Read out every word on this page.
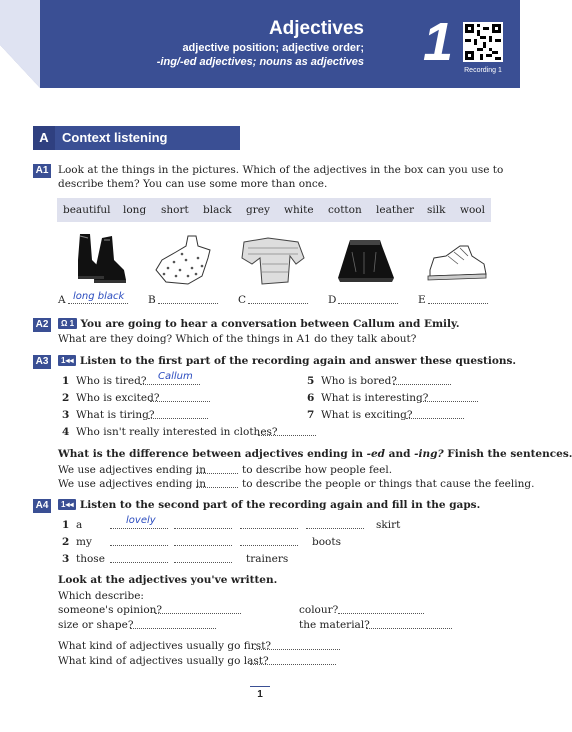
Adjectives
adjective position; adjective order;
-ing/-ed adjectives; nouns as adjectives 1	Recording 1
A	Context listening
A1 Look at the things in the pictures. Which of the adjectives in the box can you use to
describe them? You can use some more than once.
beautiful long short black grey white cotton leather silk wool
A long black B	C	D	E
A2	Ω 1 You are going to hear a conversation between Callum and Emily.
What are they doing? Which of the things in A1 do they talk about?
A3	1◂◂ Listen to the first part of the recording again and answer these questions.
1 Who is tired? Callum
2 Who is excited?
3 What is tiring?
4 Who isn't really interested in clothes?
5 Who is bored?
6 What is interesting?
7 What is exciting?
What is the difference between adjectives ending in -ed and -ing? Finish the sentences.
We use adjectives ending in	to describe how people feel.
We use adjectives ending in	to describe the people or things that cause the feeling.
A4	1◂◂ Listen to the second part of the recording again and fill in the gaps.
1 a	lovely	skirt
2 my	boots
3 those	trainers
Look at the adjectives you've written.
Which describe:
someone's opinion?	colour?
size or shape?	the material?
What kind of adjectives usually go first?
What kind of adjectives usually go last?
1
